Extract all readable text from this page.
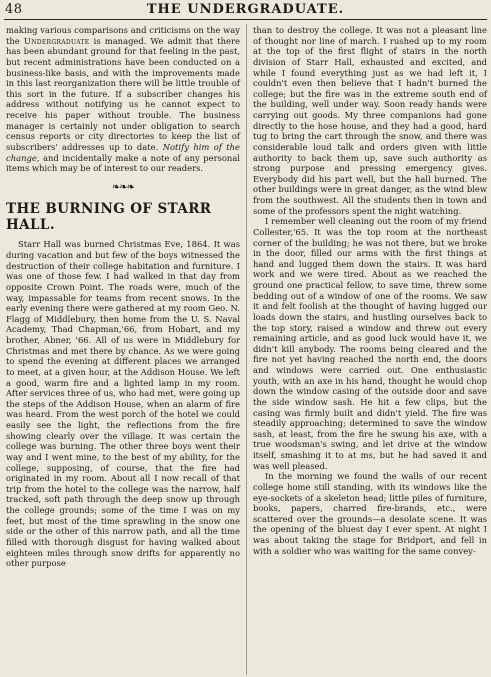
48	THE UNDERGRADUATE.

making various comparisons and criticisms on the way the Undergraduate is managed. We admit that there has been abundant ground for that feeling in the past, but recent administrations have been conducted on a business-like basis, and with the improvements made in this last reorganization there will be little trouble of this sort in the future. If a subscriber changes his address without notifying us he cannot expect to receive his paper without trouble. The business manager is certainly not under obligation to search census reports or city directories to keep the list of subscribers' addresses up to date. Notify him of the change, and incidentally make a note of any personal items which may be of interest to our readers.

❧❧❧
THE BURNING OF STARR HALL.

Starr Hall was burned Christmas Eve, 1864. It was during vacation and but few of the boys witnessed the destruction of their college habitation and furniture. I was one of those few. I had walked in that day from opposite Crown Point. The roads were, much of the way, impassable for teams from recent snows. In the early evening there were gathered at my room Geo. N. Flagg of Middlebury, then home from the U. S. Naval Academy, Thad Chapman,'66, from Hobart, and my brother, Abner, '66. All of us were in Middlebury for Christmas and met there by chance. As we were going to spend the evening at different places we arranged to meet, at a given hour, at the Addison House. We left a good, warm fire and a lighted lamp in my room. After services three of us, who had met, were going up the steps of the Addison House, when an alarm of fire was heard. From the west porch of the hotel we could easily see the light, the reflections from the fire showing clearly over the village. It was certain the college was burning. The other three boys went their way and I went mine, to the best of my ability, for the college, supposing, of course, that the fire had originated in my room. About all I now recall of that trip from the hotel to the college was the narrow, half tracked, soft path through the deep snow up through the college grounds; some of the time I was on my feet, but most of the time sprawling in the snow one side or the other of this narrow path, and all the time filled with thorough disgust for having walked about eighteen miles through snow drifts for apparently no other purpose

than to destroy the college. It was not a pleasant line of thought nor line of march. I rushed up to my room at the top of the first flight of stairs in the north division of Starr Hall, exhausted and excited, and while I found everything just as we had left it, I couldn't even then believe that I hadn't burned the college; but the fire was in the extreme south end of the building, well under way. Soon ready hands were carrying out goods. My three companions had gone directly to the hose house, and they had a good, hard tug to bring the cart through the snow, and there was considerable loud talk and orders given with little authority to back them up, save such authority as strong purpose and pressing emergency gives. Everybody did his part well, but the hall burned. The other buildings were in great danger, as the wind blew from the southwest. All the students then in town and some of the professors spent the night watching.

I remember well cleaning out the room of my friend Collester,'65. It was the top room at the northeast corner of the building; he was not there, but we broke in the door, filled our arms with the first things at hand and lugged them down the stairs. It was hard work and we were tired. About as we reached the ground one practical fellow, to save time, threw some bedding out of a window of one of the rooms. We saw it and felt foolish at the thought of having lugged our loads down the stairs, and hustling ourselves back to the top story, raised a window and threw out every remaining article, and as good luck would have it, we didn't kill anybody. The rooms being cleared and the fire not yet having reached the north end, the doors and windows were carried out. One enthusiastic youth, with an axe in his hand, thought he would chop down the window casing of the outside door and save the side window sash. He hit a few clips, but the casing was firmly built and didn't yield. The fire was steadily approaching; determined to save the window sash, at least, from the fire he swung his axe, with a true woodsman's swing, and let drive at the window itself, smashing it to at ms, but he had saved it and was well pleased.

In the morning we found the walls of our recent college home still standing, with its windows like the eye-sockets of a skeleton head; little piles of furniture, books, papers, charred fire-brands, etc., were scattered over the grounds—a desolate scene. It was the opening of the bluest day I ever spent. At night I was about taking the stage for Bridport, and fell in with a soldier who was waiting for the same convey-
